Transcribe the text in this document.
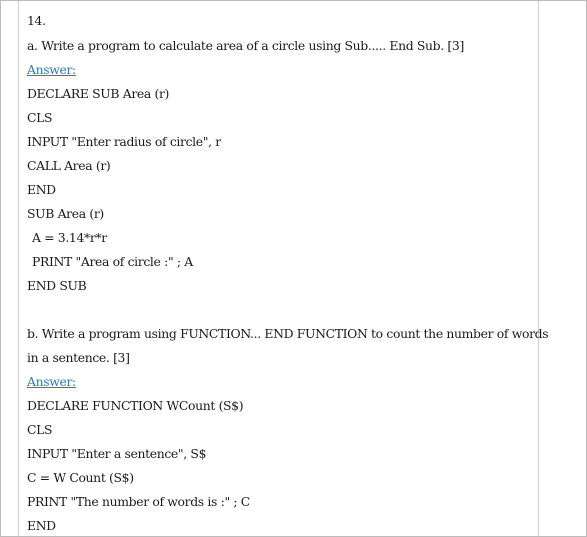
14.
a. Write a program to calculate area of a circle using Sub..... End Sub. [3]
Answer:
DECLARE SUB Area (r)
CLS
INPUT "Enter radius of circle", r
CALL Area (r)
END
SUB Area (r)
A = 3.14*r*r
PRINT "Area of circle :" ; A
END SUB
b. Write a program using FUNCTION... END FUNCTION to count the number of words
in a sentence. [3]
Answer:
DECLARE FUNCTION WCount (S$)
CLS
INPUT "Enter a sentence", S$
C = W Count (S$)
PRINT "The number of words is :" ; C
END
